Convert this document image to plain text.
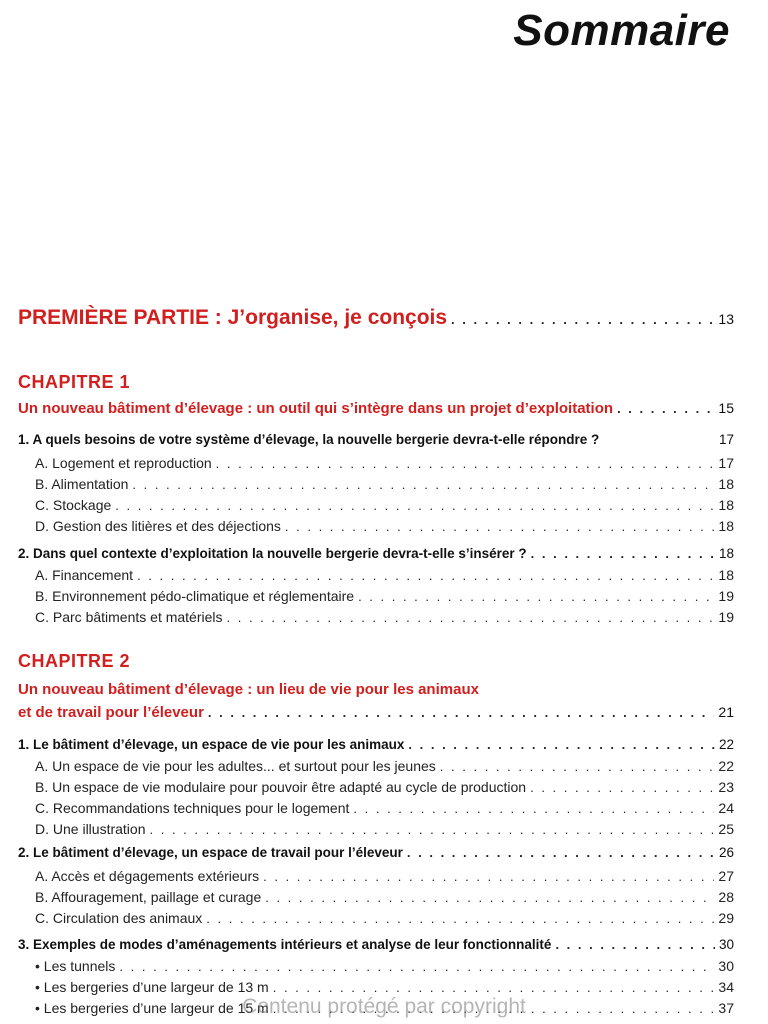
Sommaire
PREMIÈRE PARTIE : J’organise, je conçois . . .	13
CHAPITRE 1
Un nouveau bâtiment d’élevage : un outil qui s’intègre dans un projet d’exploitation . . .	15
1. A quels besoins de votre système d’élevage, la nouvelle bergerie devra-t-elle répondre ?	17
A. Logement et reproduction . . .	17
B. Alimentation . . .	18
C. Stockage . . .	18
D. Gestion des litières et des déjections . . .	18
2. Dans quel contexte d’exploitation la nouvelle bergerie devra-t-elle s’insérer ? . . .	18
A. Financement . . .	18
B. Environnement pédo-climatique et réglementaire . . .	19
C. Parc bâtiments et matériels . . .	19
CHAPITRE 2
Un nouveau bâtiment d’élevage : un lieu de vie pour les animaux
et de travail pour l’éleveur . . .	21
1. Le bâtiment d’élevage, un espace de vie pour les animaux . . .	22
A. Un espace de vie pour les adultes... et surtout pour les jeunes . . .	22
B. Un espace de vie modulaire pour pouvoir être adapté au cycle de production . . .	23
C. Recommandations techniques pour le logement . . .	24
D. Une illustration . . .	25
2. Le bâtiment d’élevage, un espace de travail pour l’éleveur . . .	26
A. Accès et dégagements extérieurs . . .	27
B. Affouragement, paillage et curage . . .	28
C. Circulation des animaux . . .	29
3. Exemples de modes d’aménagements intérieurs et analyse de leur fonctionnalité . . .	30
• Les tunnels . . .	30
• Les bergeries d’une largeur de 13 m . . .	34
• Les bergeries d’une largeur de 15 m . . .	37
Contenu protégé par copyright
